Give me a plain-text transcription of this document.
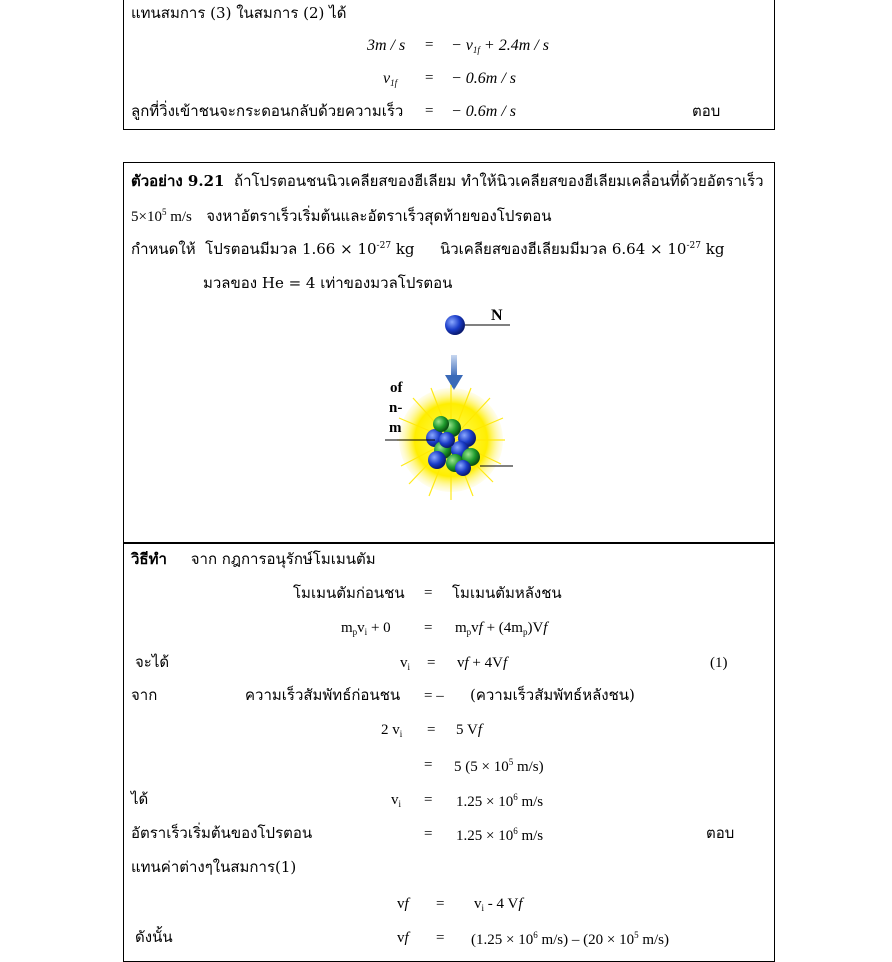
แทนสมการ (3) ในสมการ (2) ได้
3m / s = − $v_{1f} + 2.4m / s$
$v_{1f}$ = − 0.6m / s
ลูกที่วิ่งเข้าชนจะกระดอนกลับด้วยความเร็ว = − 0.6m / s	ตอบ
ตัวอย่าง 9.21 ถ้าโปรตอนชนนิวเคลียสของฮีเลียม ทำให้นิวเคลียสของฮีเลียมเคลื่อนที่ด้วยอัตราเร็ว
$5\times 10^5$ m/s จงหาอัตราเร็วเริ่มต้นและอัตราเร็วสุดท้ายของโปรตอน
กำหนดให้ โปรตอนมีมวล $1.66 \times 10^{-27}$ kg นิวเคลียสของฮีเลียมมีมวล $6.64 \times 10^{-27}$ kg
มวลของ He = 4 เท่าของมวลโปรตอน
N
of
n-
m
วิธีทำ จาก กฎการอนุรักษ์โมเมนตัม
โมเมนตัมก่อนชน = โมเมนตัมหลังชน
$m_pv_i + 0 = m_pvf + (4m_p)Vf$
จะได้	$v_i$ = vf + 4Vf	(1)
จาก	ความเร็วสัมพัทธ์ก่อนชน = – (ความเร็วสัมพัทธ์หลังชน)
2 $v_i = 5$ Vf
= 5 ($5 \times 10^5$ m/s)
ได้	$v_i = 1.25 \times 10^6$ m/s
อัตราเร็วเริ่มต้นของโปรตอน	= $1.25 \times 10^6$ m/s	ตอบ
แทนค่าต่างๆในสมการ(1)
vf = $v_i - 4$ Vf
ดังนั้น	vf = ($1.25 \times 10^6$ $m/s) - (20 \times 10^5$ m/s)
